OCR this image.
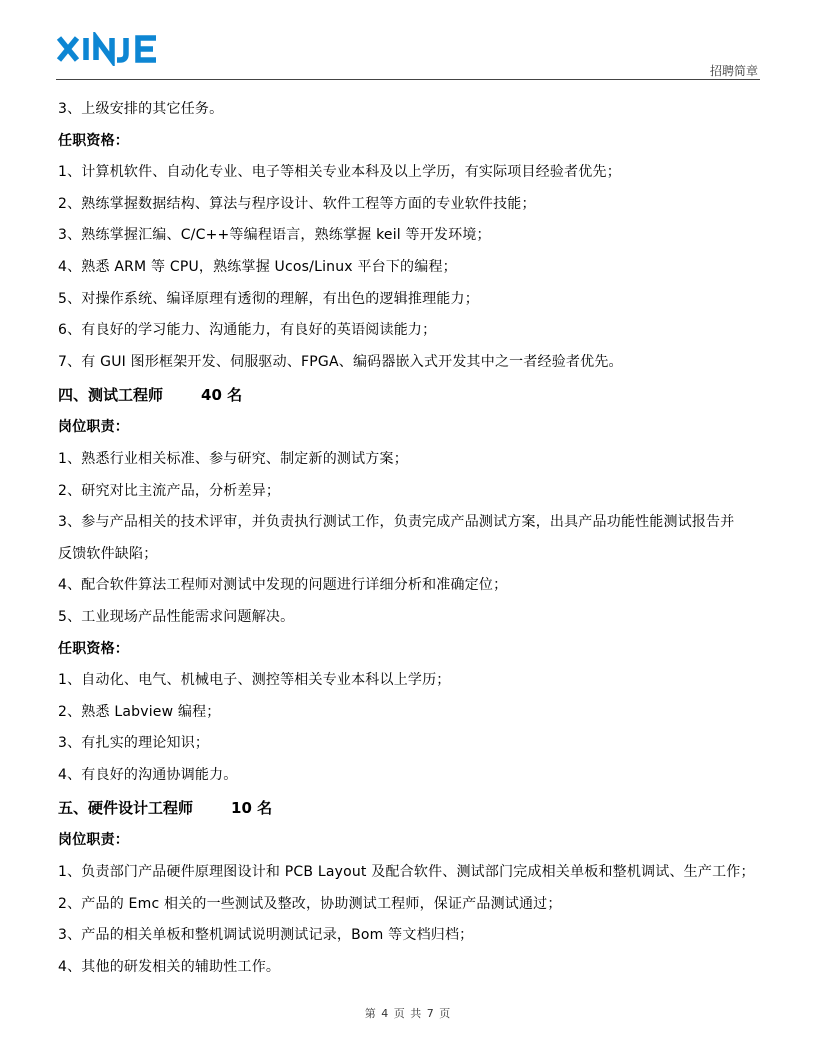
招聘简章
3、上级安排的其它任务。
任职资格：
1、计算机软件、自动化专业、电子等相关专业本科及以上学历，有实际项目经验者优先；
2、熟练掌握数据结构、算法与程序设计、软件工程等方面的专业软件技能；
3、熟练掌握汇编、C/C++等编程语言，熟练掌握 keil 等开发环境；
4、熟悉 ARM 等 CPU，熟练掌握 Ucos/Linux 平台下的编程；
5、对操作系统、编译原理有透彻的理解，有出色的逻辑推理能力；
6、有良好的学习能力、沟通能力，有良好的英语阅读能力；
7、有 GUI 图形框架开发、伺服驱动、FPGA、编码器嵌入式开发其中之一者经验者优先。
四、测试工程师	40 名
岗位职责：
1、熟悉行业相关标准、参与研究、制定新的测试方案；
2、研究对比主流产品，分析差异；
3、参与产品相关的技术评审，并负责执行测试工作，负责完成产品测试方案，出具产品功能性能测试报告并
反馈软件缺陷；
4、配合软件算法工程师对测试中发现的问题进行详细分析和准确定位；
5、工业现场产品性能需求问题解决。
任职资格：
1、自动化、电气、机械电子、测控等相关专业本科以上学历；
2、熟悉 Labview 编程；
3、有扎实的理论知识；
4、有良好的沟通协调能力。
五、硬件设计工程师	10 名
岗位职责：
1、负责部门产品硬件原理图设计和 PCB Layout 及配合软件、测试部门完成相关单板和整机调试、生产工作；
2、产品的 Emc 相关的一些测试及整改，协助测试工程师，保证产品测试通过；
3、产品的相关单板和整机调试说明测试记录，Bom 等文档归档；
4、其他的研发相关的辅助性工作。
第 4 页 共 7 页
